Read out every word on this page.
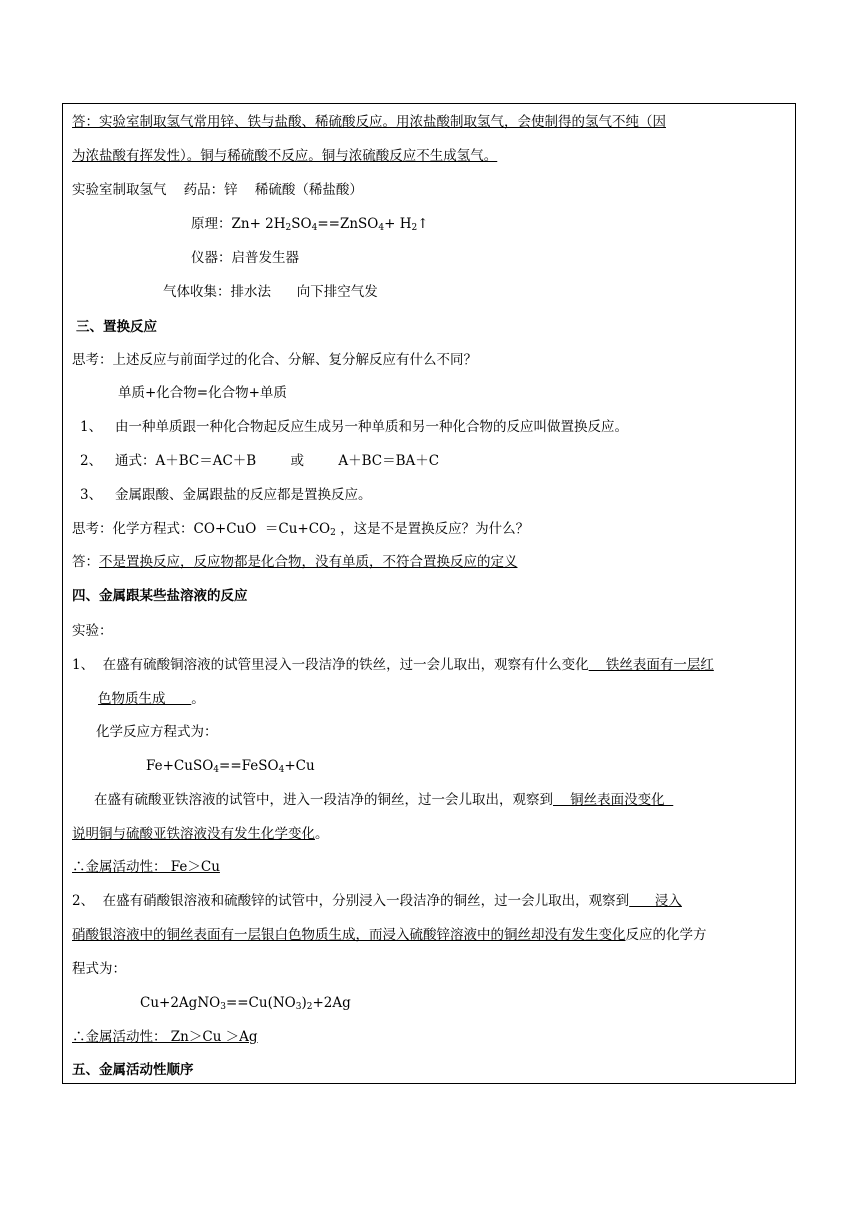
答：实验室制取氢气常用锌、铁与盐酸、稀硫酸反应。用浓盐酸制取氢气，会使制得的氢气不纯（因
为浓盐酸有挥发性）。铜与稀硫酸不反应。铜与浓硫酸反应不生成氢气。
实验室制取氢气    药品：锌    稀硫酸（稀盐酸）
原理：$Zn+ 2H_2SO_4==ZnSO_4+$ $H_2↑$
仪器：启普发生器
气体收集：排水法      向下排空气发
三、置换反应
思考：上述反应与前面学过的化合、分解、复分解反应有什么不同？
单质+化合物=化合物+单质
1、   由一种单质跟一种化合物起反应生成另一种单质和另一种化合物的反应叫做置换反应。
2、   通式：A＋BC＝AC＋B        或        A＋BC＝BA＋C
3、   金属跟酸、金属跟盐的反应都是置换反应。
思考：化学方程式：$CO+CuO =Cu+CO_2$ ，这是不是置换反应？为什么？
答：不是置换反应，反应物都是化合物，没有单质，不符合置换反应的定义
四、金属跟某些盐溶液的反应
实验：
1、  在盛有硫酸铜溶液的试管里浸入一段洁净的铁丝，过一会儿取出，观察有什么变化    铁丝表面有一层红
色物质生成      。
化学反应方程式为：
Fe+CuSO$_4$==FeSO$_4$+Cu
在盛有硫酸亚铁溶液的试管中，进入一段洁净的铜丝，过一会儿取出，观察到    铜丝表面没变化
说明铜与硫酸亚铁溶液没有发生化学变化。
∴金属活动性： Fe＞Cu
2、  在盛有硝酸银溶液和硫酸锌的试管中，分别浸入一段洁净的铜丝，过一会儿取出，观察到      浸入
硝酸银溶液中的铜丝表面有一层银白色物质生成，而浸入硫酸锌溶液中的铜丝却没有发生变化反应的化学方
程式为：
$Cu+2AgNO_3==Cu(NO_3)_2+2Ag$
∴金属活动性： Zn＞Cu ＞Ag
五、金属活动性顺序
